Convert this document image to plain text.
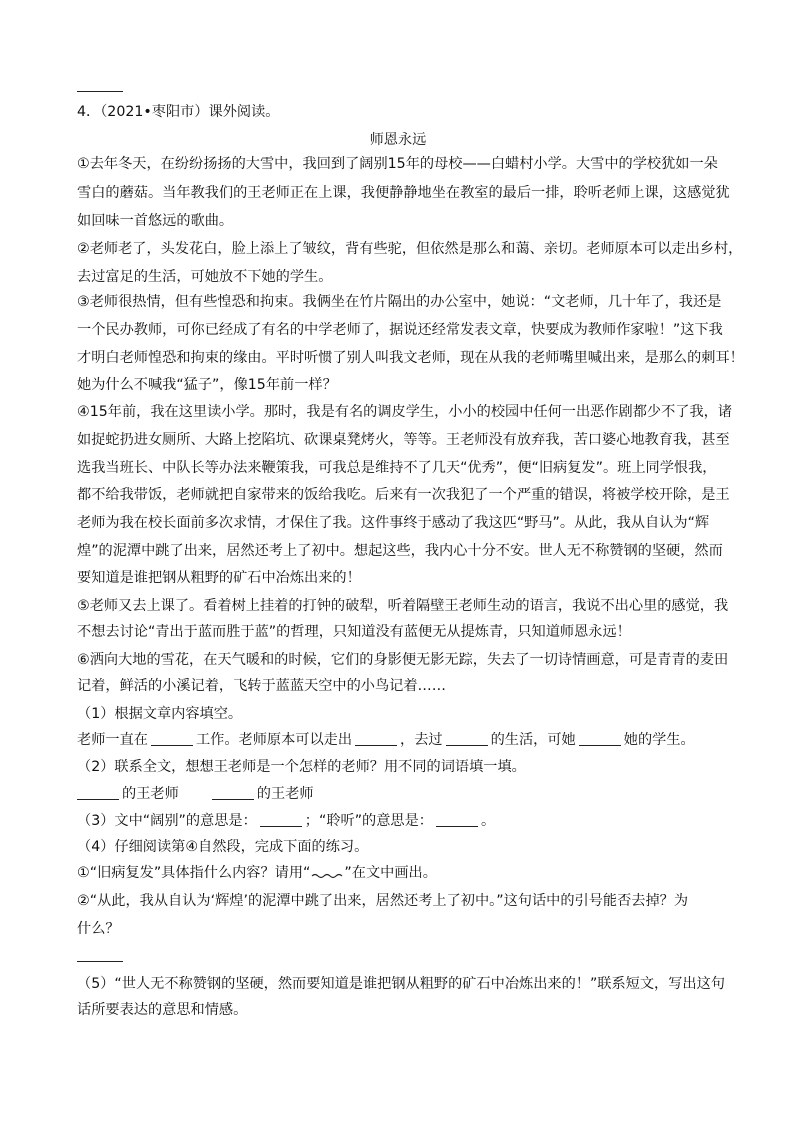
4．（2021•枣阳市）课外阅读。
师恩永远
①去年冬天，在纷纷扬扬的大雪中，我回到了阔别15年的母校——白蜡村小学。大雪中的学校犹如一朵
雪白的蘑菇。当年教我们的王老师正在上课，我便静静地坐在教室的最后一排，聆听老师上课，这感觉犹
如回味一首悠远的歌曲。
②老师老了，头发花白，脸上添上了皱纹，背有些驼，但依然是那么和蔼、亲切。老师原本可以走出乡村，
去过富足的生活，可她放不下她的学生。
③老师很热情，但有些惶恐和拘束。我俩坐在竹片隔出的办公室中，她说：“文老师，几十年了，我还是
一个民办教师，可你已经成了有名的中学老师了，据说还经常发表文章，快要成为教师作家啦！”这下我
才明白老师惶恐和拘束的缘由。平时听惯了别人叫我文老师，现在从我的老师嘴里喊出来，是那么的刺耳！
她为什么不喊我“猛子”，像15年前一样？
④15年前，我在这里读小学。那时，我是有名的调皮学生，小小的校园中任何一出恶作剧都少不了我，诸
如捉蛇扔进女厕所、大路上挖陷坑、砍课桌凳烤火，等等。王老师没有放弃我，苦口婆心地教育我，甚至
选我当班长、中队长等办法来鞭策我，可我总是维持不了几天“优秀”，便“旧病复发”。班上同学恨我，
都不给我带饭，老师就把自家带来的饭给我吃。后来有一次我犯了一个严重的错误，将被学校开除，是王
老师为我在校长面前多次求情，才保住了我。这件事终于感动了我这匹“野马”。从此，我从自认为“辉
煌”的泥潭中跳了出来，居然还考上了初中。想起这些，我内心十分不安。世人无不称赞钢的坚硬，然而
要知道是谁把钢从粗野的矿石中冶炼出来的！
⑤老师又去上课了。看着树上挂着的打钟的破犁，听着隔壁王老师生动的语言，我说不出心里的感觉，我
不想去讨论“青出于蓝而胜于蓝”的哲理，只知道没有蓝便无从提炼青，只知道师恩永远！
⑥洒向大地的雪花，在天气暖和的时候，它们的身影便无影无踪，失去了一切诗情画意，可是青青的麦田
记着，鲜活的小溪记着，飞转于蓝蓝天空中的小鸟记着……
（1）根据文章内容填空。
老师一直在	工作。老师原本可以走出	，去过	的生活，可她	她的学生。
（2）联系全文，想想王老师是一个怎样的老师？用不同的词语填一填。
的王老师	的王老师
（3）文中“阔别”的意思是：	；“聆听”的意思是：	。
（4）仔细阅读第④自然段，完成下面的练习。
①“旧病复发”具体指什么内容？请用“ ”在文中画出。
②“从此，我从自认为‘辉煌’的泥潭中跳了出来，居然还考上了初中。”这句话中的引号能否去掉？为
什么？
（5）“世人无不称赞钢的坚硬，然而要知道是谁把钢从粗野的矿石中冶炼出来的！”联系短文，写出这句
话所要表达的意思和情感。
